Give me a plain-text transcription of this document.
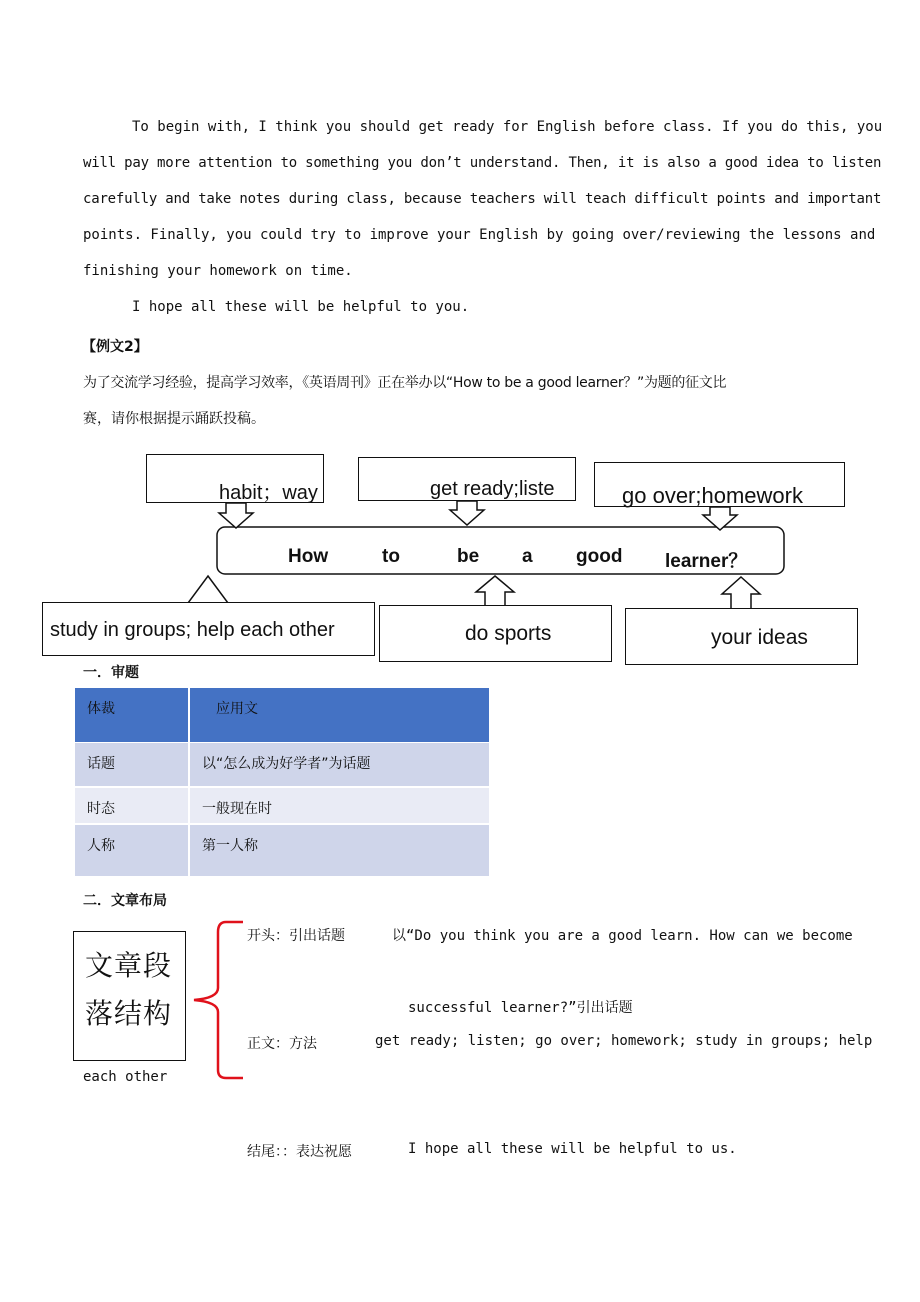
To begin with, I think you should get ready for English before class. If you do this, you
will pay more attention to something you don’t understand. Then, it is also a good idea to listen
carefully and take notes during class, because teachers will teach difficult points and important
points. Finally, you could try to improve your English by going over/reviewing the lessons and
finishing your homework on time.
I hope all these will be helpful to you.
【例文2】
为了交流学习经验，提高学习效率，《英语周刊》正在举办以“How to be a good learner？”为题的征文比
赛，请你根据提示踊跃投稿。
habit；way	get ready;liste	go over;homework
How	to	be a good learner？
study in groups; help each other	do sports	your ideas
一．审题
体裁	应用文
话题	以“怎么成为好学者”为话题
时态	一般现在时
人称	第一人称
二．文章布局
文章段
落结构
开头：引出话题	以“Do you think you are a good learn. How can we become
successful learner?”引出话题
正文：方法	get ready; listen; go over; homework; study in groups; help
each other
结尾：：表达祝愿	I hope all these will be helpful to us.
